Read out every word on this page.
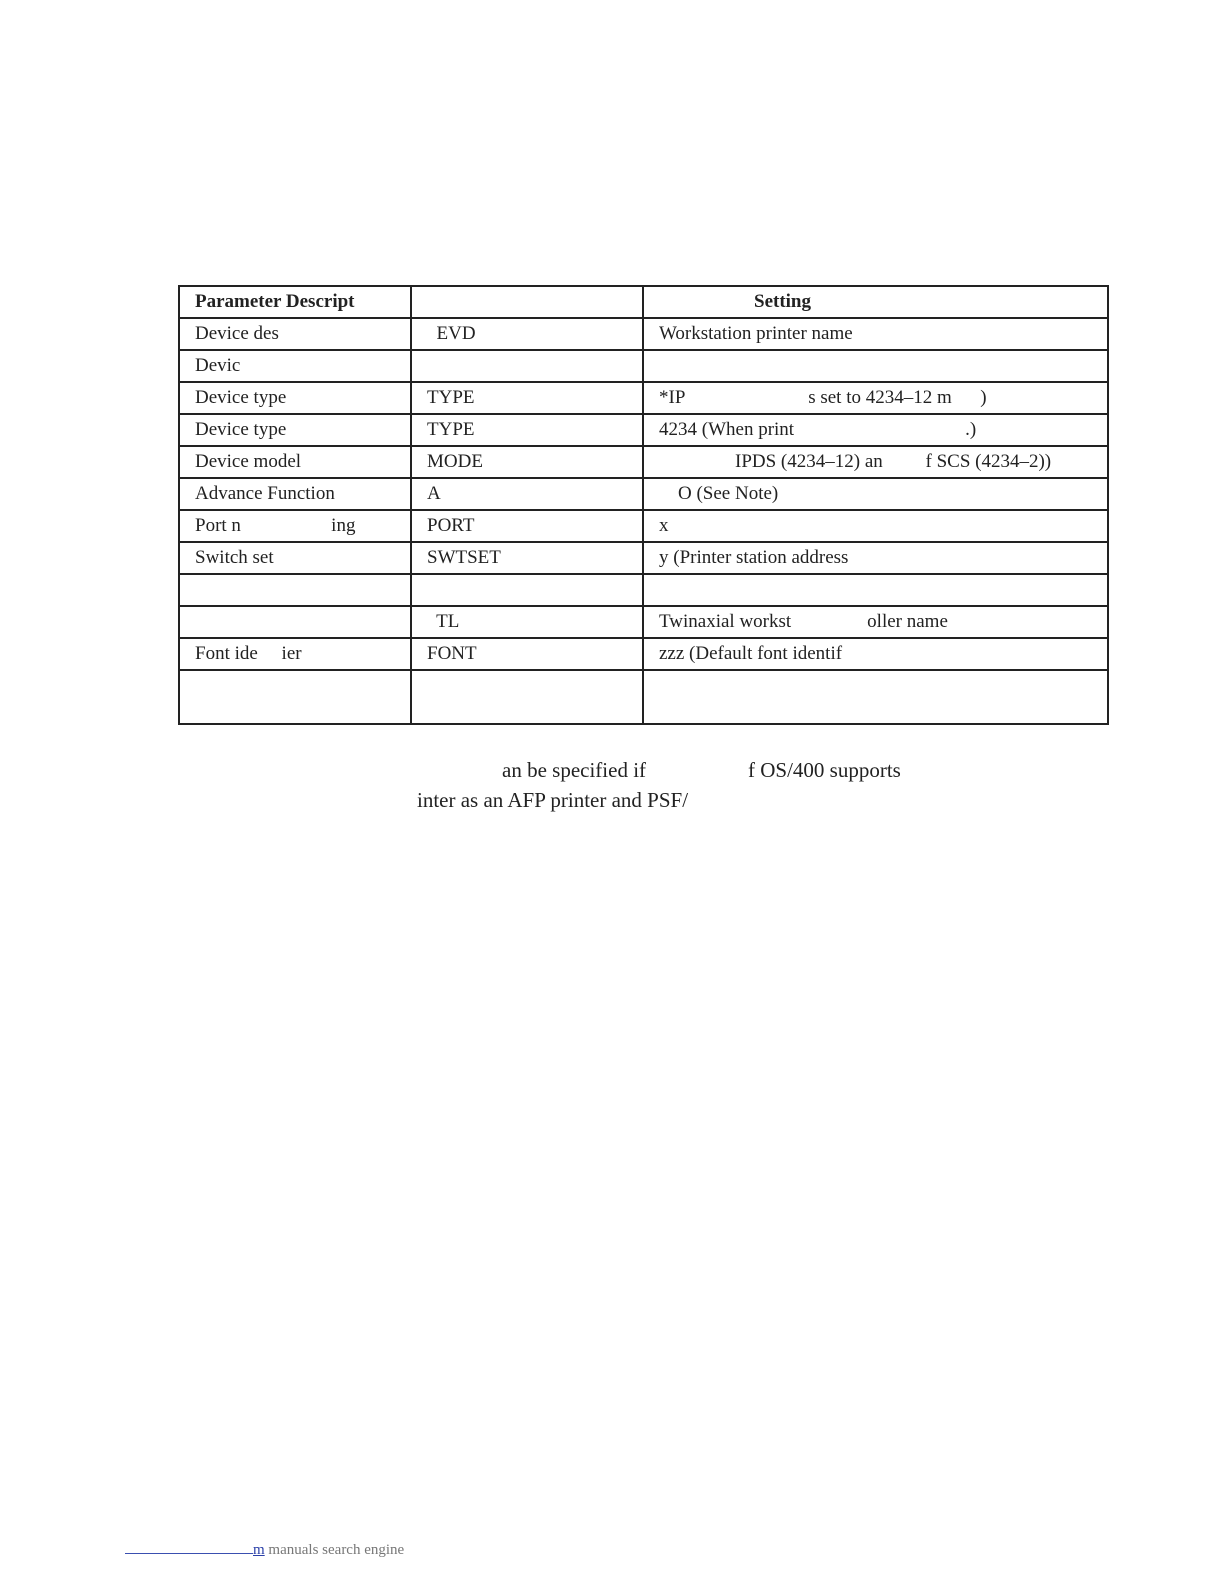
Parameter Descript		Setting
Device des	EVD	Workstation printer name
Devic		
Device type	TYPE	*IP                          s set to 4234–12 m      )
Device type	TYPE	4234 (When print                                    .)
Device model	MODE	IPDS (4234–12) an         f SCS (4234–2))
Advance Function	A	O (See Note)
Port n                   ing	PORT	x
Switch set	SWTSET	y (Printer station address

	TL	Twinaxial workst                oller name
Font ide     ier	FONT	zzz (Default font identif

an be specified if	f OS/400 supports
inter as an AFP printer and PSF/
m manuals search engine
